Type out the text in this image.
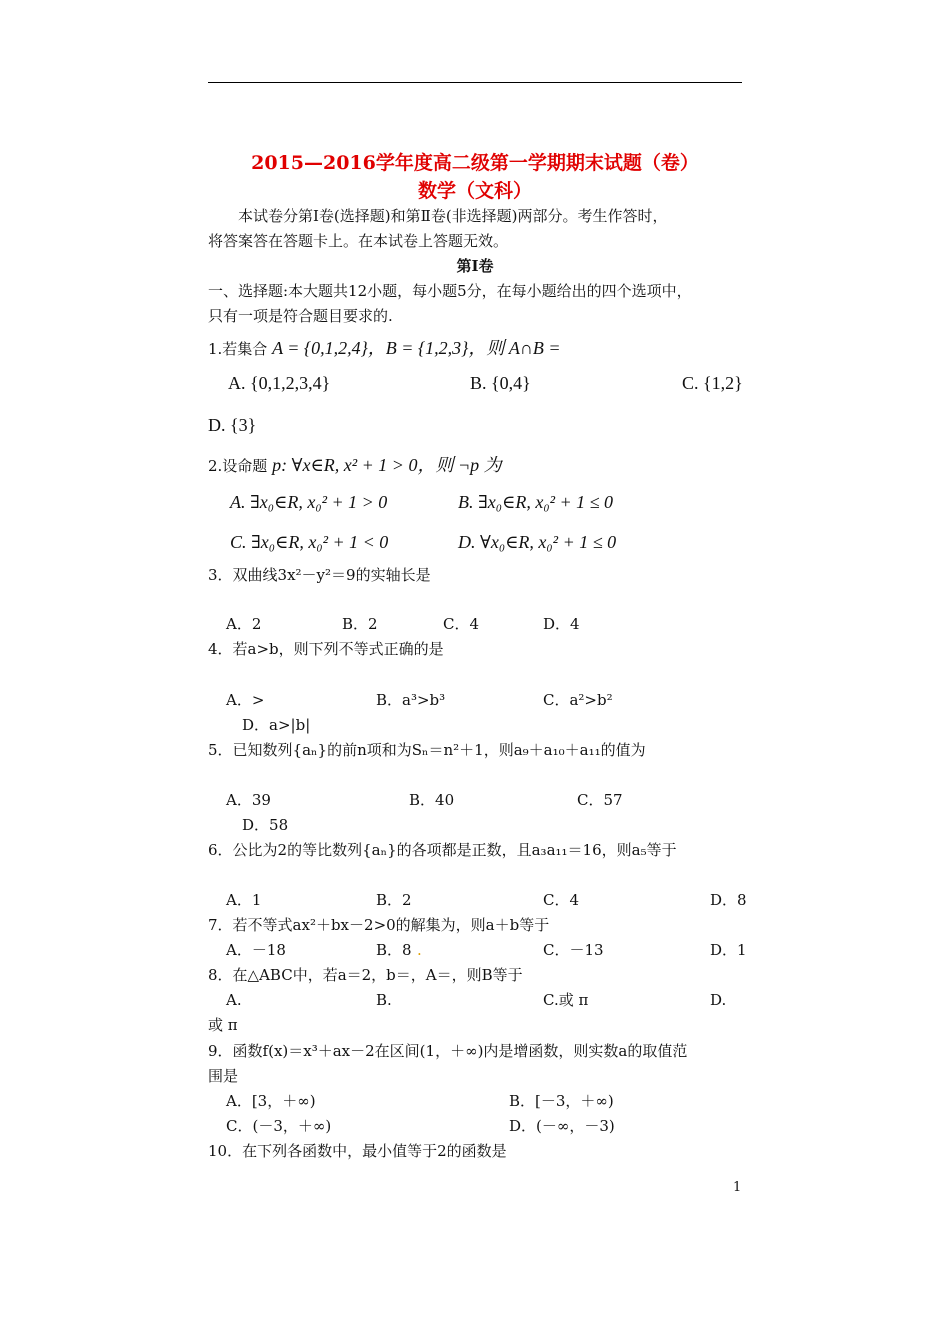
2015—2016学年度高二级第一学期期末试题（卷）
数学（文科）
本试卷分第Ⅰ卷(选择题)和第Ⅱ卷(非选择题)两部分。考生作答时，
将答案答在答题卡上。在本试卷上答题无效。
第Ⅰ卷
一、选择题:本大题共12小题，每小题5分，在每小题给出的四个选项中，
只有一项是符合题目要求的.
1.若集合 A = {0,1,2,4}，B = {1,2,3}，则 A∩B =
A. {0,1,2,3,4}	B. {0,4}	C. {1,2}
D. {3}
2.设命题 p: ∀x∈R, x² + 1 > 0，则 ¬p 为
A. ∃x₀∈R, x₀² + 1 > 0	B. ∃x₀∈R, x₀² + 1 ≤ 0
C. ∃x₀∈R, x₀² + 1 < 0	D. ∀x₀∈R, x₀² + 1 ≤ 0
3．双曲线3x²－y²＝9的实轴长是
A．2	B．2	C．4	D．4
4．若a>b，则下列不等式正确的是
A．>	B．a³>b³	C．a²>b²
D．a>|b|
5．已知数列{aₙ}的前n项和为Sₙ＝n²＋1，则a₉＋a₁₀＋a₁₁的值为
A．39	B．40	C．57
D．58
6．公比为2的等比数列{aₙ}的各项都是正数，且a₃a₁₁＝16，则a₅等于
A．1	B．2	C．4	D．8
7．若不等式ax²＋bx－2>0的解集为，则a＋b等于
A．－18	B．8 .	C．－13	D．1
8．在△ABC中，若a＝2，b＝，A＝，则B等于
A.	B.	C.或 π	D.
或 π
9．函数f(x)＝x³＋ax－2在区间(1，＋∞)内是增函数，则实数a的取值范
围是
A．[3，＋∞)	B．[－3，＋∞)
C．(－3，＋∞)	D．(－∞，－3)
10．在下列各函数中，最小值等于2的函数是
1
